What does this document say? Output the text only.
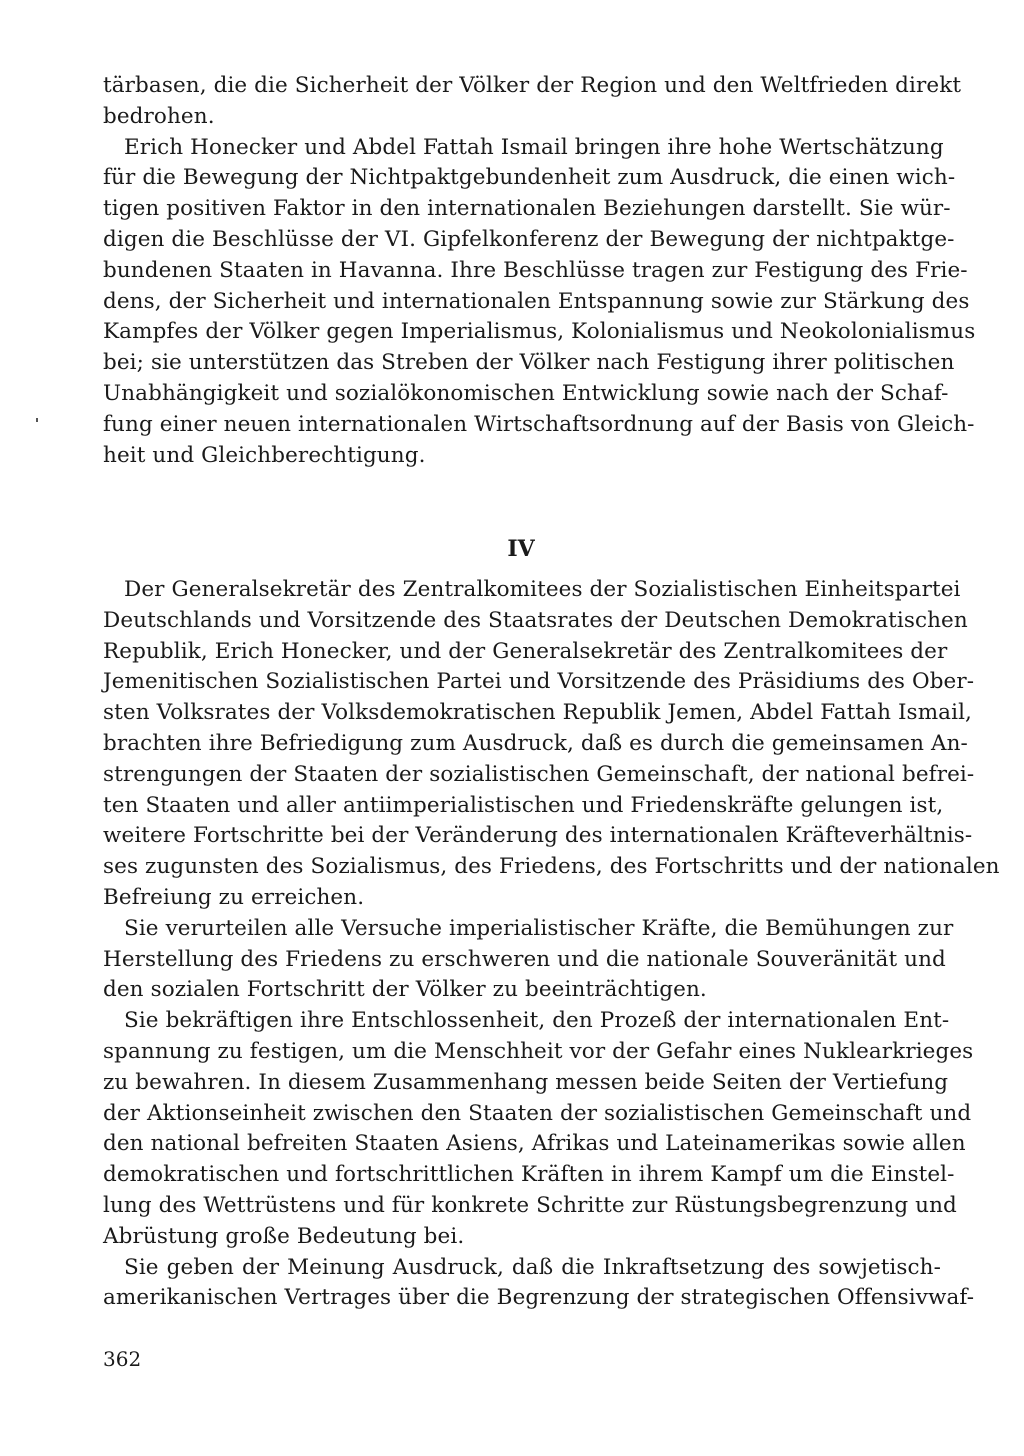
tärbasen, die die Sicherheit der Völker der Region und den Weltfrieden direkt
bedrohen.
Erich Honecker und Abdel Fattah Ismail bringen ihre hohe Wertschätzung
für die Bewegung der Nichtpaktgebundenheit zum Ausdruck, die einen wich-
tigen positiven Faktor in den internationalen Beziehungen darstellt. Sie wür-
digen die Beschlüsse der VI. Gipfelkonferenz der Bewegung der nichtpaktge-
bundenen Staaten in Havanna. Ihre Beschlüsse tragen zur Festigung des Frie-
dens, der Sicherheit und internationalen Entspannung sowie zur Stärkung des
Kampfes der Völker gegen Imperialismus, Kolonialismus und Neokolonialismus
bei; sie unterstützen das Streben der Völker nach Festigung ihrer politischen
Unabhängigkeit und sozialökonomischen Entwicklung sowie nach der Schaf-
fung einer neuen internationalen Wirtschaftsordnung auf der Basis von Gleich-
heit und Gleichberechtigung.
IV
Der Generalsekretär des Zentralkomitees der Sozialistischen Einheitspartei
Deutschlands und Vorsitzende des Staatsrates der Deutschen Demokratischen
Republik, Erich Honecker, und der Generalsekretär des Zentralkomitees der
Jemenitischen Sozialistischen Partei und Vorsitzende des Präsidiums des Ober-
sten Volksrates der Volksdemokratischen Republik Jemen, Abdel Fattah Ismail,
brachten ihre Befriedigung zum Ausdruck, daß es durch die gemeinsamen An-
strengungen der Staaten der sozialistischen Gemeinschaft, der national befrei-
ten Staaten und aller antiimperialistischen und Friedenskräfte gelungen ist,
weitere Fortschritte bei der Veränderung des internationalen Kräfteverhältnis-
ses zugunsten des Sozialismus, des Friedens, des Fortschritts und der nationalen
Befreiung zu erreichen.
Sie verurteilen alle Versuche imperialistischer Kräfte, die Bemühungen zur
Herstellung des Friedens zu erschweren und die nationale Souveränität und
den sozialen Fortschritt der Völker zu beeinträchtigen.
Sie bekräftigen ihre Entschlossenheit, den Prozeß der internationalen Ent-
spannung zu festigen, um die Menschheit vor der Gefahr eines Nuklearkrieges
zu bewahren. In diesem Zusammenhang messen beide Seiten der Vertiefung
der Aktionseinheit zwischen den Staaten der sozialistischen Gemeinschaft und
den national befreiten Staaten Asiens, Afrikas und Lateinamerikas sowie allen
demokratischen und fortschrittlichen Kräften in ihrem Kampf um die Einstel-
lung des Wettrüstens und für konkrete Schritte zur Rüstungsbegrenzung und
Abrüstung große Bedeutung bei.
Sie geben der Meinung Ausdruck, daß die Inkraftsetzung des sowjetisch-
amerikanischen Vertrages über die Begrenzung der strategischen Offensivwaf-
362
